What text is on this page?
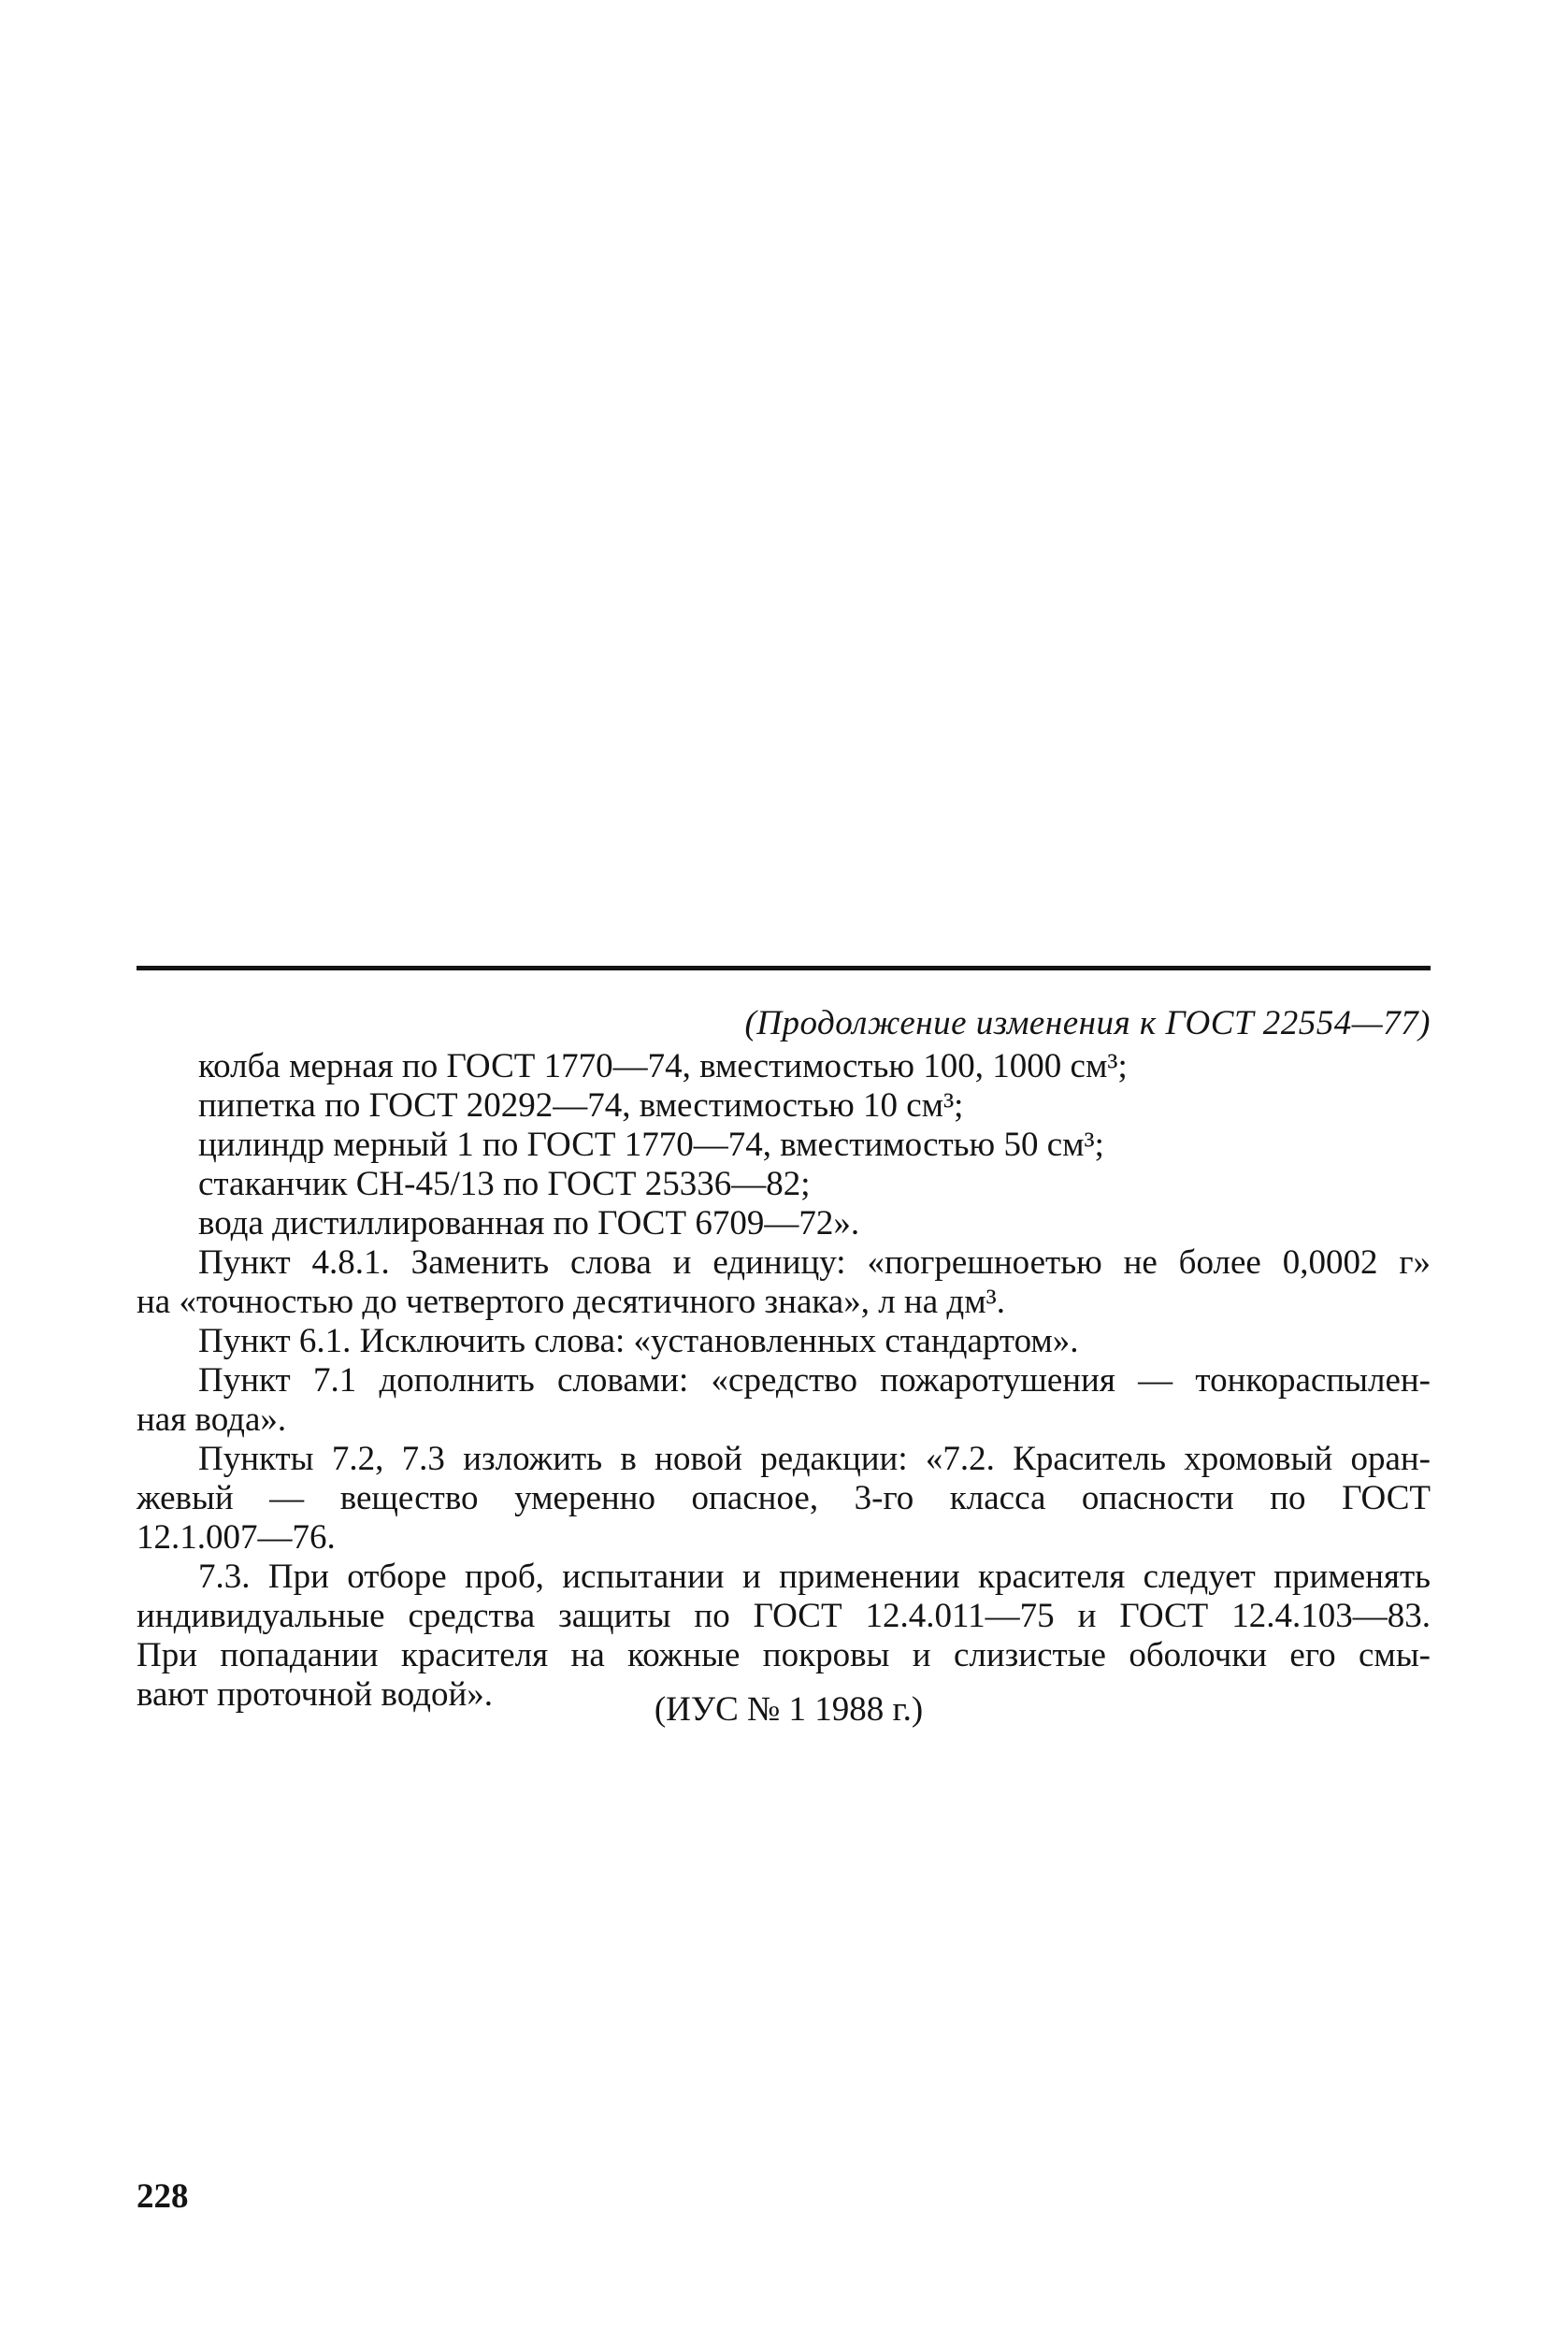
(Продолжение изменения к ГОСТ 22554—77)
колба мерная по ГОСТ 1770—74, вместимостью 100, 1000 см³;
пипетка по ГОСТ 20292—74, вместимостью 10 см³;
цилиндр мерный 1 по ГОСТ 1770—74, вместимостью 50 см³;
стаканчик СН-45/13 по ГОСТ 25336—82;
вода дистиллированная по ГОСТ 6709—72».
Пункт 4.8.1. Заменить слова и единицу: «погрешноетью не более 0,0002 г»
на «точностью до четвертого десятичного знака», л на дм³.
Пункт 6.1. Исключить слова: «установленных стандартом».
Пункт 7.1 дополнить словами: «средство пожаротушения — тонкораспылен-
ная вода».
Пункты 7.2, 7.3 изложить в новой редакции: «7.2. Краситель хромовый оран-
жевый — вещество умеренно опасное, 3-го класса опасности по ГОСТ
12.1.007—76.
7.3. При отборе проб, испытании и применении красителя следует применять
индивидуальные средства защиты по ГОСТ 12.4.011—75 и ГОСТ 12.4.103—83.
При попадании красителя на кожные покровы и слизистые оболочки его смы-
вают проточной водой».	(ИУС № 1 1988 г.)
228
